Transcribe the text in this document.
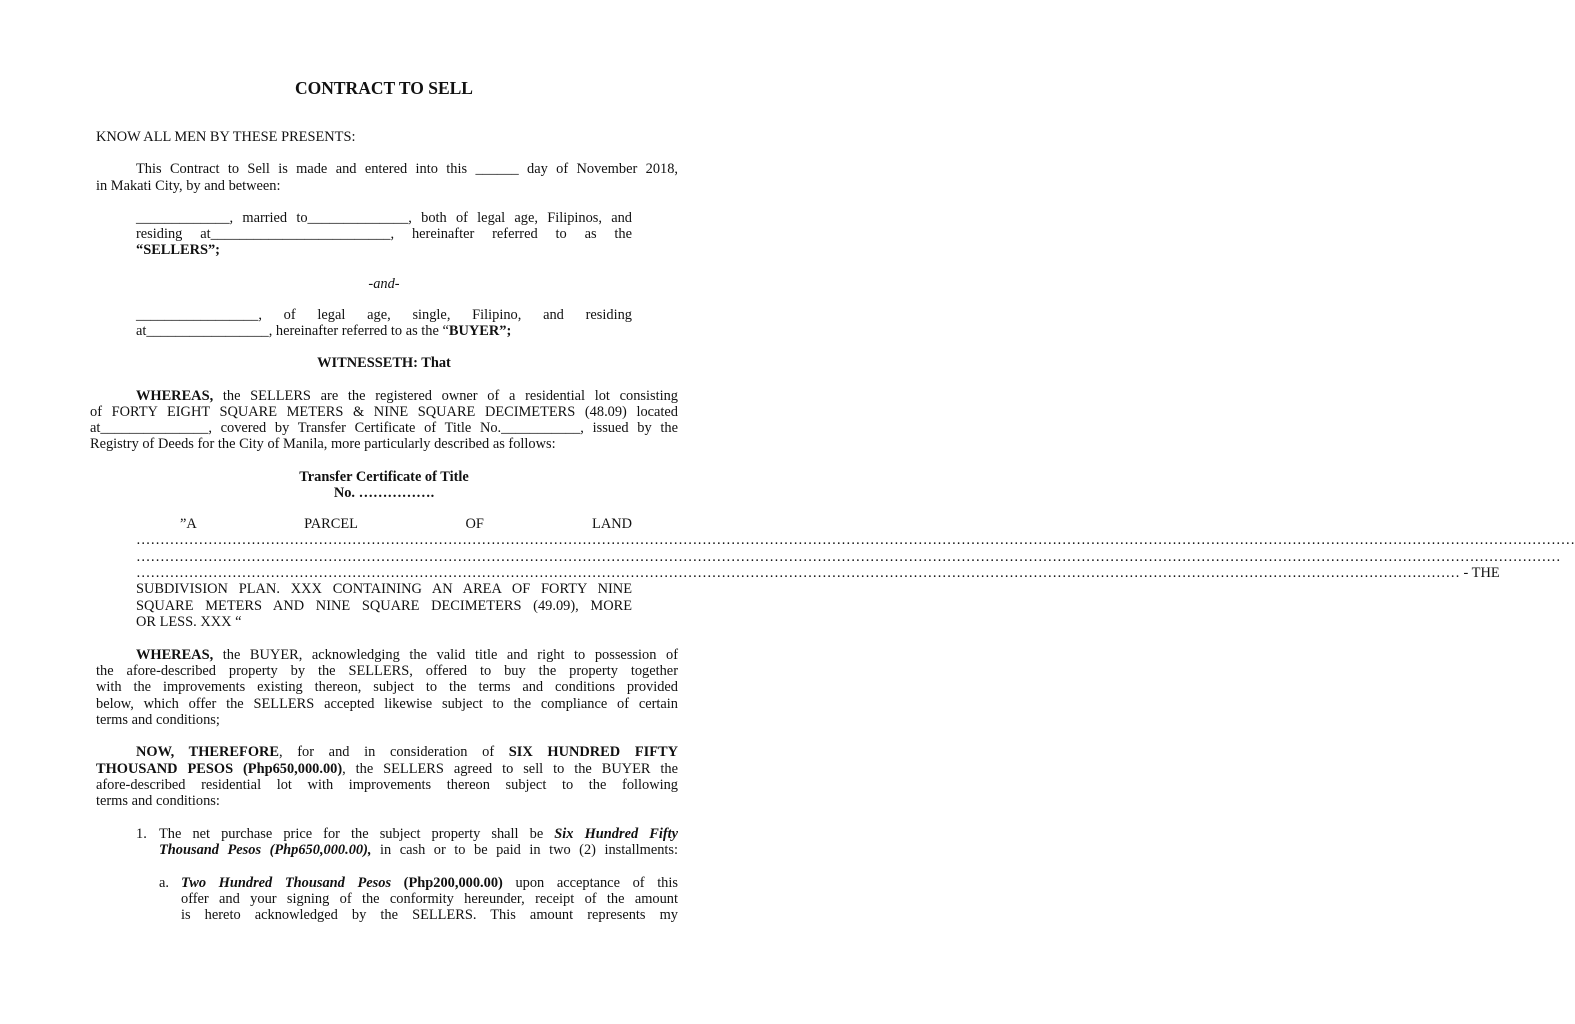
CONTRACT TO SELL
KNOW ALL MEN BY THESE PRESENTS:
This Contract to Sell is made and entered into this ______ day of November 2018,
in Makati City, by and between:
_____________, married to______________, both of legal age, Filipinos, and
residing at_________________________, hereinafter referred to as the
“SELLERS”;
-and-
_________________, of legal age, single, Filipino, and residing
at_________________, hereinafter referred to as the “BUYER”;
WITNESSETH: That
WHEREAS, the SELLERS are the registered owner of a residential lot consisting
of FORTY EIGHT SQUARE METERS & NINE SQUARE DECIMETERS (48.09) located
at_______________, covered by Transfer Certificate of Title No.___________, issued by the
Registry of Deeds for the City of Manila, more particularly described as follows:
Transfer Certificate of Title
No. …………….
”A PARCEL OF LAND
…………………………………………………………………………………………………………………………………………………………………………………………………………………………………………………………………………
………………………………………………………………………………………………………………………………………………………………………………………………………………………………………………………………………
…………………………………………………………………………………………………………………………………………………………………………………………………………………………………………………… - THE
SUBDIVISION PLAN. XXX CONTAINING AN AREA OF FORTY NINE
SQUARE METERS AND NINE SQUARE DECIMETERS (49.09), MORE
OR LESS. XXX “
WHEREAS, the BUYER, acknowledging the valid title and right to possession of
the afore-described property by the SELLERS, offered to buy the property together
with the improvements existing thereon, subject to the terms and conditions provided
below, which offer the SELLERS accepted likewise subject to the compliance of certain
terms and conditions;
NOW, THEREFORE, for and in consideration of SIX HUNDRED FIFTY
THOUSAND PESOS (Php650,000.00), the SELLERS agreed to sell to the BUYER the
afore-described residential lot with improvements thereon subject to the following
terms and conditions:
1. The net purchase price for the subject property shall be Six Hundred Fifty
Thousand Pesos (Php650,000.00), in cash or to be paid in two (2) installments:
a. Two Hundred Thousand Pesos (Php200,000.00) upon acceptance of this
offer and your signing of the conformity hereunder, receipt of the amount
is hereto acknowledged by the SELLERS. This amount represents my
